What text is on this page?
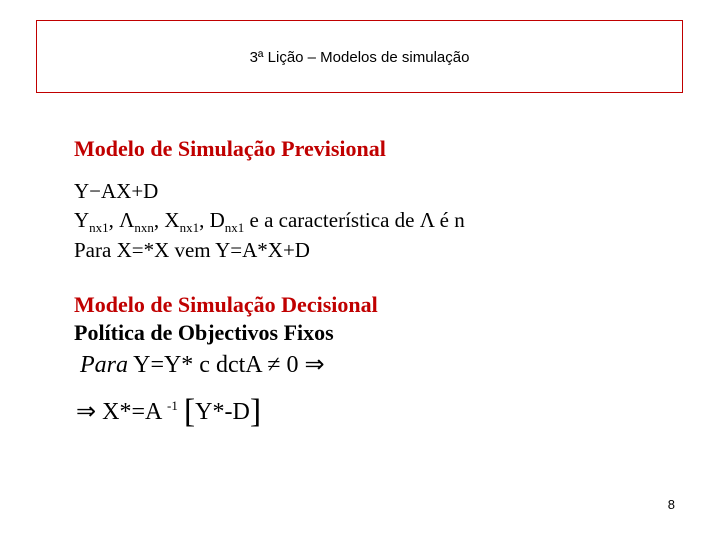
3ª Lição – Modelos de simulação
Modelo de Simulação Previsional
Y−AX+D
$Y_{nx1}$, $\Lambda_{nxn}$, $X_{nx1}$, $D_{nx1}$ e a característica de Λ é n
Para X=*X vem Y=A*X+D
Modelo de Simulação Decisional
Política de Objectivos Fixos
Para Y=Y* c dctA ≠ 0 ⇒
⇒ X*=A $^{-1}$ [Y*-D]
8
